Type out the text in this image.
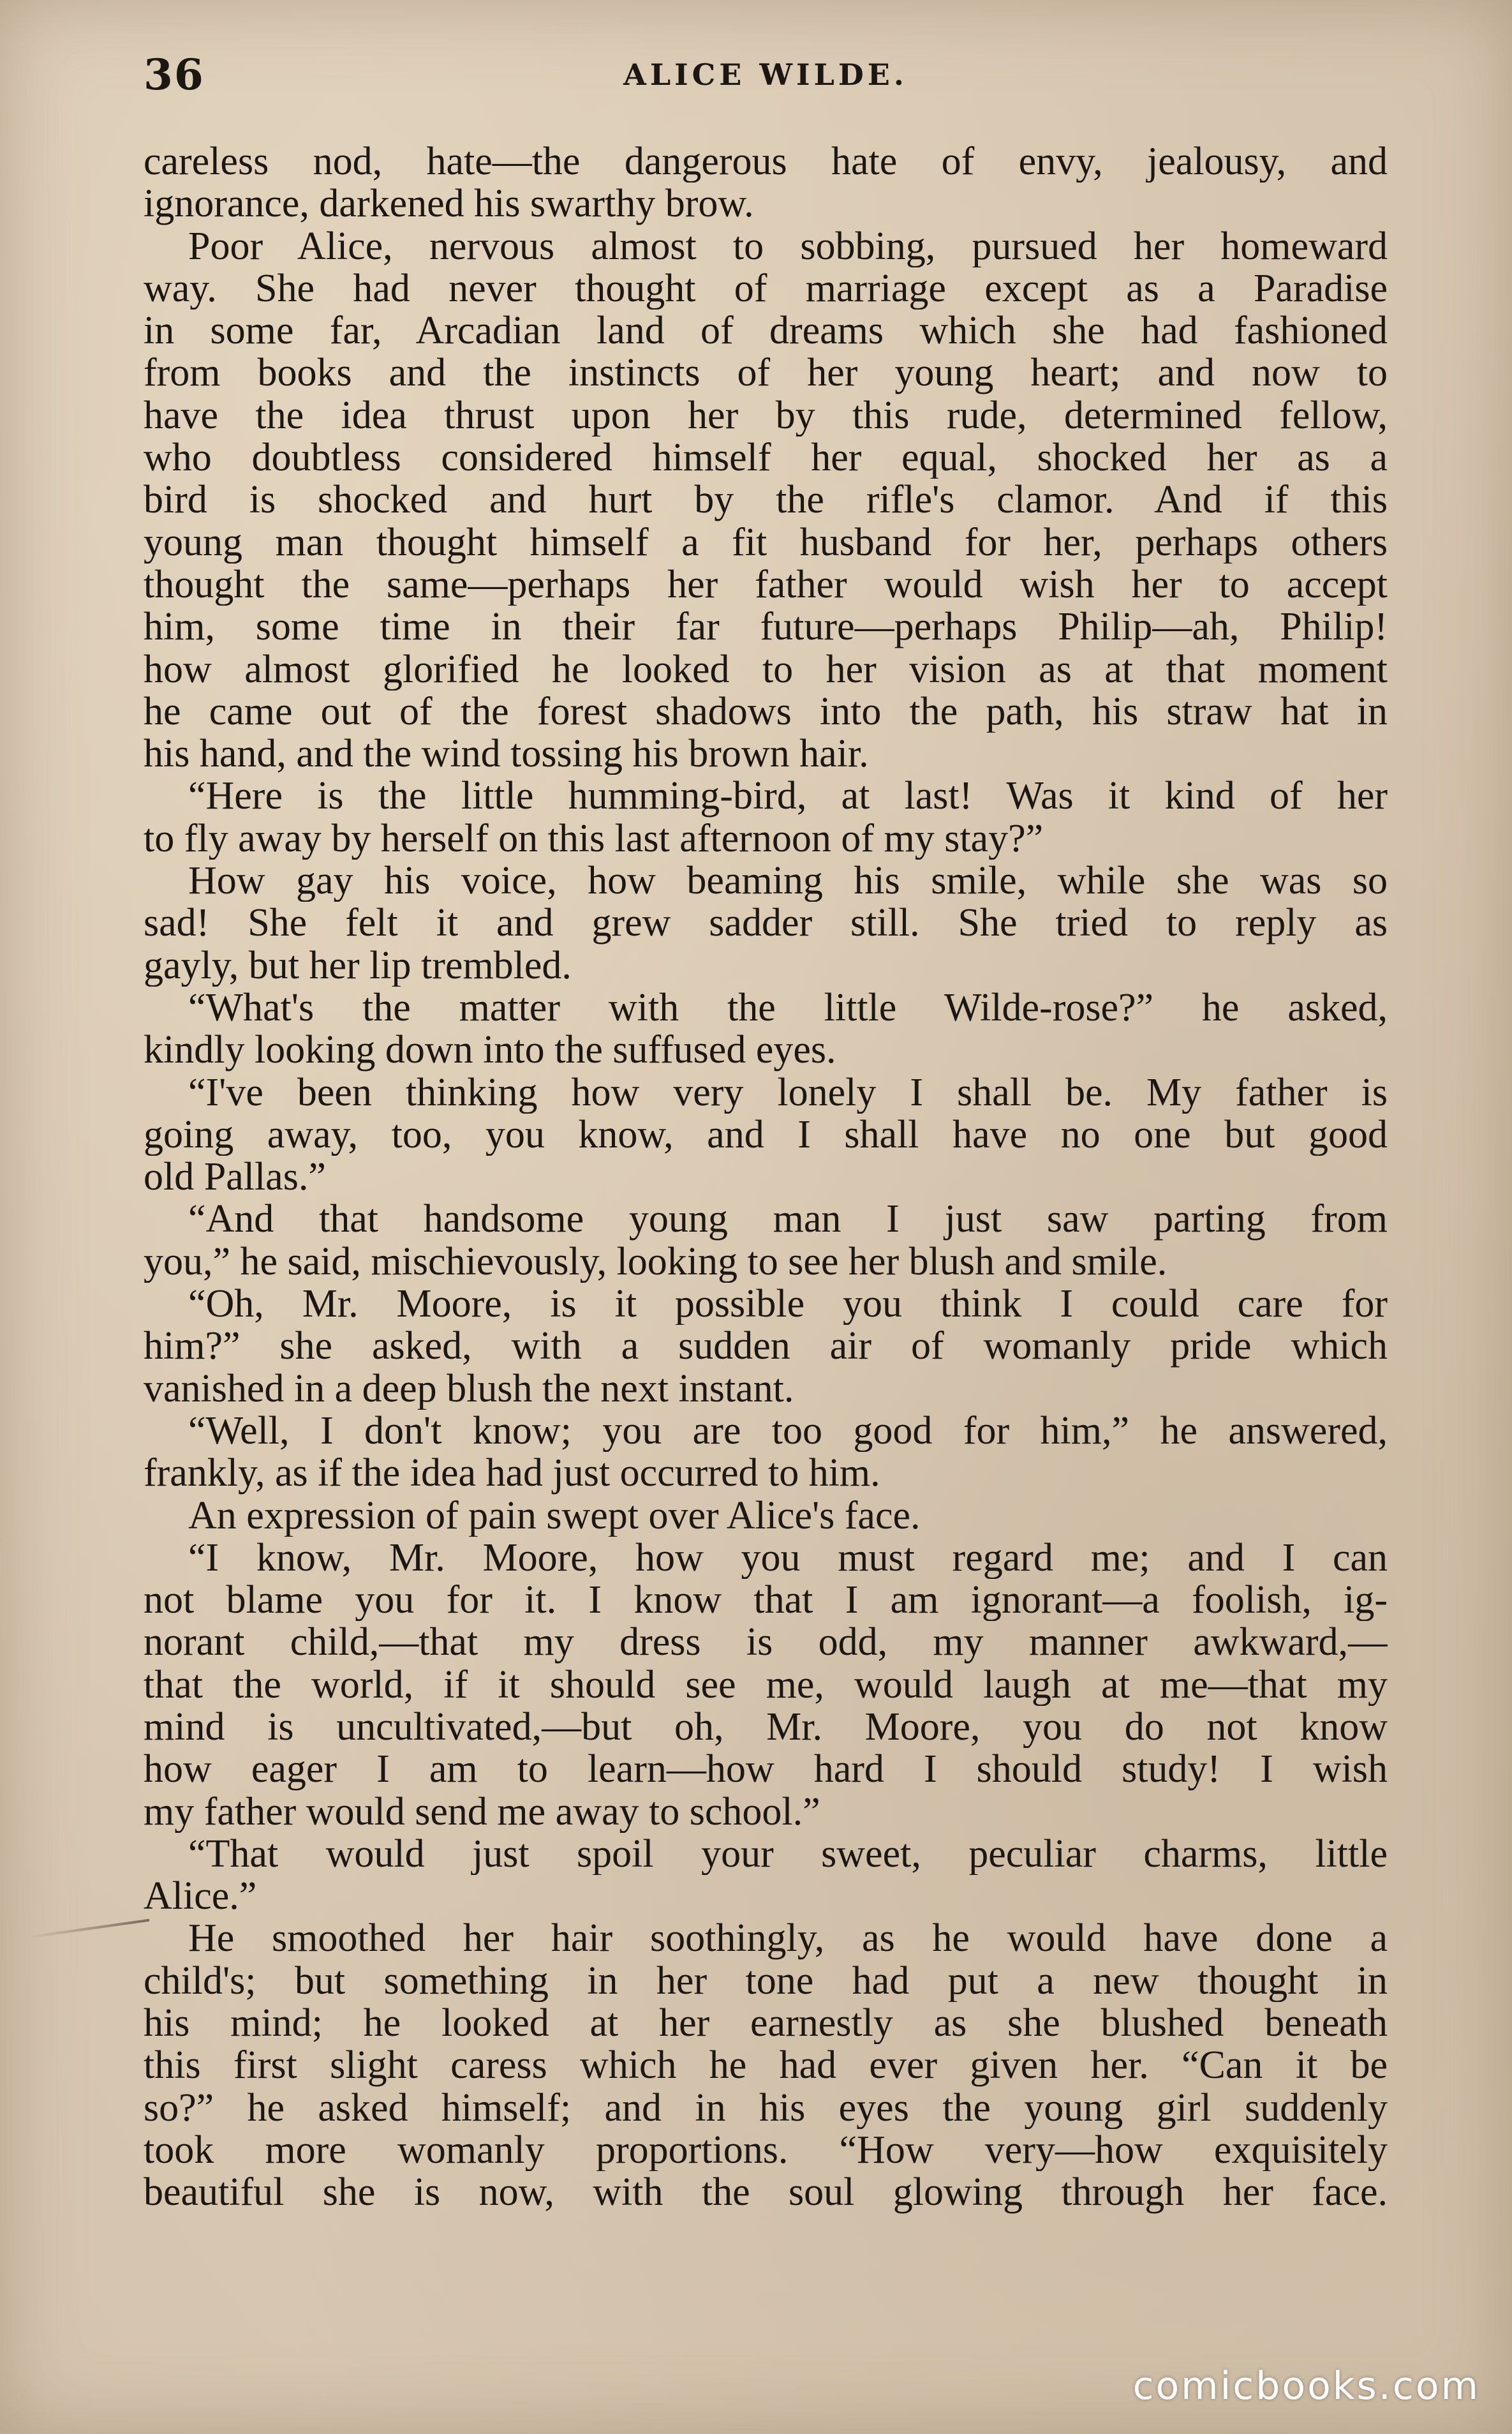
36	ALICE WILDE.
careless nod, hate—the dangerous hate of envy, jealousy, and
ignorance, darkened his swarthy brow.
Poor Alice, nervous almost to sobbing, pursued her homeward
way. She had never thought of marriage except as a Paradise
in some far, Arcadian land of dreams which she had fashioned
from books and the instincts of her young heart; and now to
have the idea thrust upon her by this rude, determined fellow,
who doubtless considered himself her equal, shocked her as a
bird is shocked and hurt by the rifle's clamor. And if this
young man thought himself a fit husband for her, perhaps others
thought the same—perhaps her father would wish her to accept
him, some time in their far future—perhaps Philip—ah, Philip!
how almost glorified he looked to her vision as at that moment
he came out of the forest shadows into the path, his straw hat in
his hand, and the wind tossing his brown hair.
“Here is the little humming-bird, at last! Was it kind of her
to fly away by herself on this last afternoon of my stay?”
How gay his voice, how beaming his smile, while she was so
sad! She felt it and grew sadder still. She tried to reply as
gayly, but her lip trembled.
“What's the matter with the little Wilde-rose?” he asked,
kindly looking down into the suffused eyes.
“I've been thinking how very lonely I shall be. My father is
going away, too, you know, and I shall have no one but good
old Pallas.”
“And that handsome young man I just saw parting from
you,” he said, mischievously, looking to see her blush and smile.
“Oh, Mr. Moore, is it possible you think I could care for
him?” she asked, with a sudden air of womanly pride which
vanished in a deep blush the next instant.
“Well, I don't know; you are too good for him,” he answered,
frankly, as if the idea had just occurred to him.
An expression of pain swept over Alice's face.
“I know, Mr. Moore, how you must regard me; and I can
not blame you for it. I know that I am ignorant—a foolish, ig-
norant child,—that my dress is odd, my manner awkward,—
that the world, if it should see me, would laugh at me—that my
mind is uncultivated,—but oh, Mr. Moore, you do not know
how eager I am to learn—how hard I should study! I wish
my father would send me away to school.”
“That would just spoil your sweet, peculiar charms, little
Alice.”
He smoothed her hair soothingly, as he would have done a
child's; but something in her tone had put a new thought in
his mind; he looked at her earnestly as she blushed beneath
this first slight caress which he had ever given her. “Can it be
so?” he asked himself; and in his eyes the young girl suddenly
took more womanly proportions. “How very—how exquisitely
beautiful she is now, with the soul glowing through her face.
comicbooks.com
